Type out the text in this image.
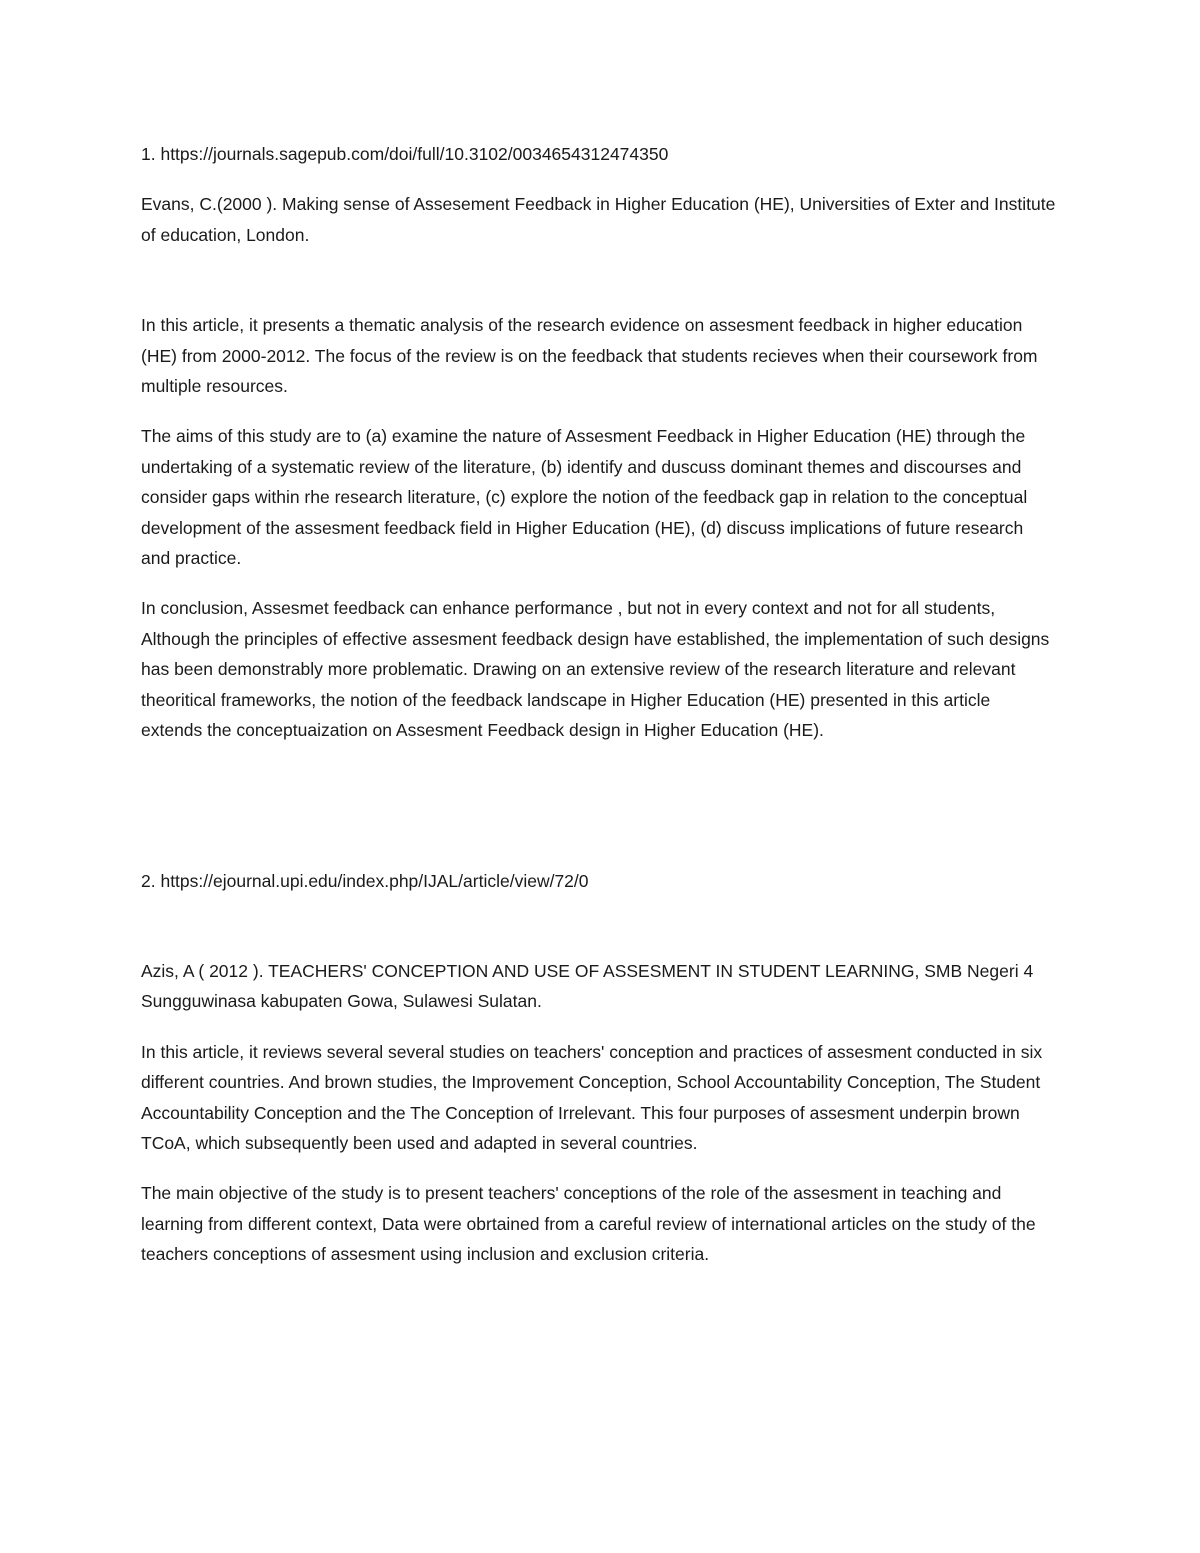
1. https://journals.sagepub.com/doi/full/10.3102/0034654312474350

Evans, C.(2000 ). Making sense of Assesement Feedback in Higher Education (HE), Universities of Exter and Institute of education, London.

In this article, it presents a thematic analysis of the research evidence on assesment feedback in higher education (HE) from 2000-2012. The focus of the review is on the feedback that students recieves when their coursework from multiple resources.

The aims of this study are to (a) examine the nature of Assesment Feedback in Higher Education (HE) through the undertaking of a systematic review of the literature, (b) identify and duscuss dominant themes and discourses and consider gaps within rhe research literature, (c) explore the notion of the feedback gap in relation to the conceptual development of the assesment feedback field in Higher Education (HE), (d) discuss implications of future research and practice.

In conclusion, Assesmet feedback can enhance performance , but not in every context and not for all students, Although the principles of effective assesment feedback design have established, the implementation of such designs has been demonstrably more problematic. Drawing on an extensive review of the research literature and relevant theoritical frameworks, the notion of the feedback landscape in Higher Education (HE) presented in this article extends the conceptuaization on Assesment Feedback design in Higher Education (HE).

2. https://ejournal.upi.edu/index.php/IJAL/article/view/72/0

Azis, A ( 2012 ). TEACHERS' CONCEPTION AND USE OF ASSESMENT IN STUDENT LEARNING, SMB Negeri 4 Sungguwinasa kabupaten Gowa, Sulawesi Sulatan.

In this article, it reviews several several studies on teachers' conception and practices of assesment conducted in six different countries. And brown studies, the Improvement Conception, School Accountability Conception, The Student Accountability Conception and the The Conception of Irrelevant. This four purposes of assesment underpin brown TCoA, which subsequently been used and adapted in several countries.

The main objective of the study is to present teachers' conceptions of the role of the assesment in teaching and learning from different context, Data were obrtained from a careful review of international articles on the study of the teachers conceptions of assesment using inclusion and exclusion criteria.
